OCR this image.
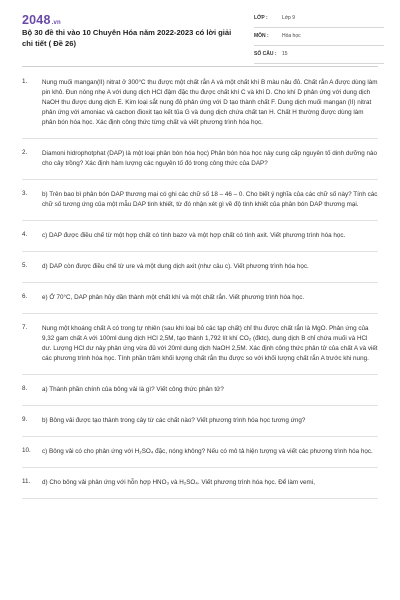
2048.vn
Bộ 30 đề thi vào 10 Chuyên Hóa năm 2022-2023 có lời giải chi tiết ( Đề 26)
LỚP :	Lớp 9
MÔN :	Hóa học
SỐ CÂU : 15
1. Nung muối mangan(II) nitrat ở 300°C thu được một chất rắn A và một chất khí B màu nâu đỏ. Chất rắn A được dùng làm pin khô. Đun nóng nhẹ A với dung dịch HCl đậm đặc thu được chất khí C và khí D. Cho khí D phản ứng với dung dịch NaOH thu được dung dịch E. Kim loại sắt nung đỏ phản ứng với D tạo thành chất F. Dung dịch muối mangan (II) nitrat phản ứng với amoniac và cacbon đioxit tạo kết tủa G và dung dịch chứa chất tan H. Chất H thường được dùng làm phân bón hóa học. Xác định công thức từng chất và viết phương trình hóa học.
2. Diamoni hidrophotphat (DAP) là một loại phân bón hóa học) Phân bón hóa học này cung cấp nguyên tố dinh dưỡng nào cho cây trồng? Xác định hàm lượng các nguyên tố đó trong công thức của DAP?
3. b) Trên bao bì phân bón DAP thương mại có ghi các chữ số 18 – 46 – 0. Cho biết ý nghĩa của các chữ số này? Tính các chữ số tương ứng của một mẫu DAP tinh khiết, từ đó nhận xét gì về độ tinh khiết của phân bón DAP thương mại.
4. c) DAP được điều chế từ một hợp chất có tính bazơ và một hợp chất có tính axit. Viết phương trình hóa học.
5. d) DAP còn được điều chế từ ure và một dung dịch axit (như câu c). Viết phương trình hóa học.
6. e) Ở 70°C, DAP phân hủy dần thành một chất khí và một chất rắn. Viết phương trình hóa học.
7. Nung một khoáng chất A có trong tự nhiên (sau khi loại bỏ các tạp chất) chỉ thu được chất rắn là MgO. Phản ứng của 9,32 gam chất A với 100ml dung dịch HCl 2,5M, tạo thành 1,792 lít khí CO₂ (đktc), dung dịch B chỉ chứa muối và HCl dư. Lượng HCl dư này phản ứng vừa đủ với 20ml dung dịch NaOH 2,5M. Xác định công thức phân tử của chất A và viết các phương trình hóa học. Tính phần trăm khối lượng chất rắn thu được so với khối lượng chất rắn A trước khi nung.
8. a) Thành phần chính của bông vải là gì? Viết công thức phân tử?
9. b) Bông vải được tạo thành trong cây từ các chất nào? Viết phương trình hóa học tương ứng?
10. c) Bông vải có cho phản ứng với H₂SO₄ đặc, nóng không? Nếu có mô tả hiện tượng và viết các phương trình hóa học.
11. d) Cho bông vải phản ứng với hỗn hợp HNO₃ và H₂SO₄. Viết phương trình hóa học. Để làm vemi,
